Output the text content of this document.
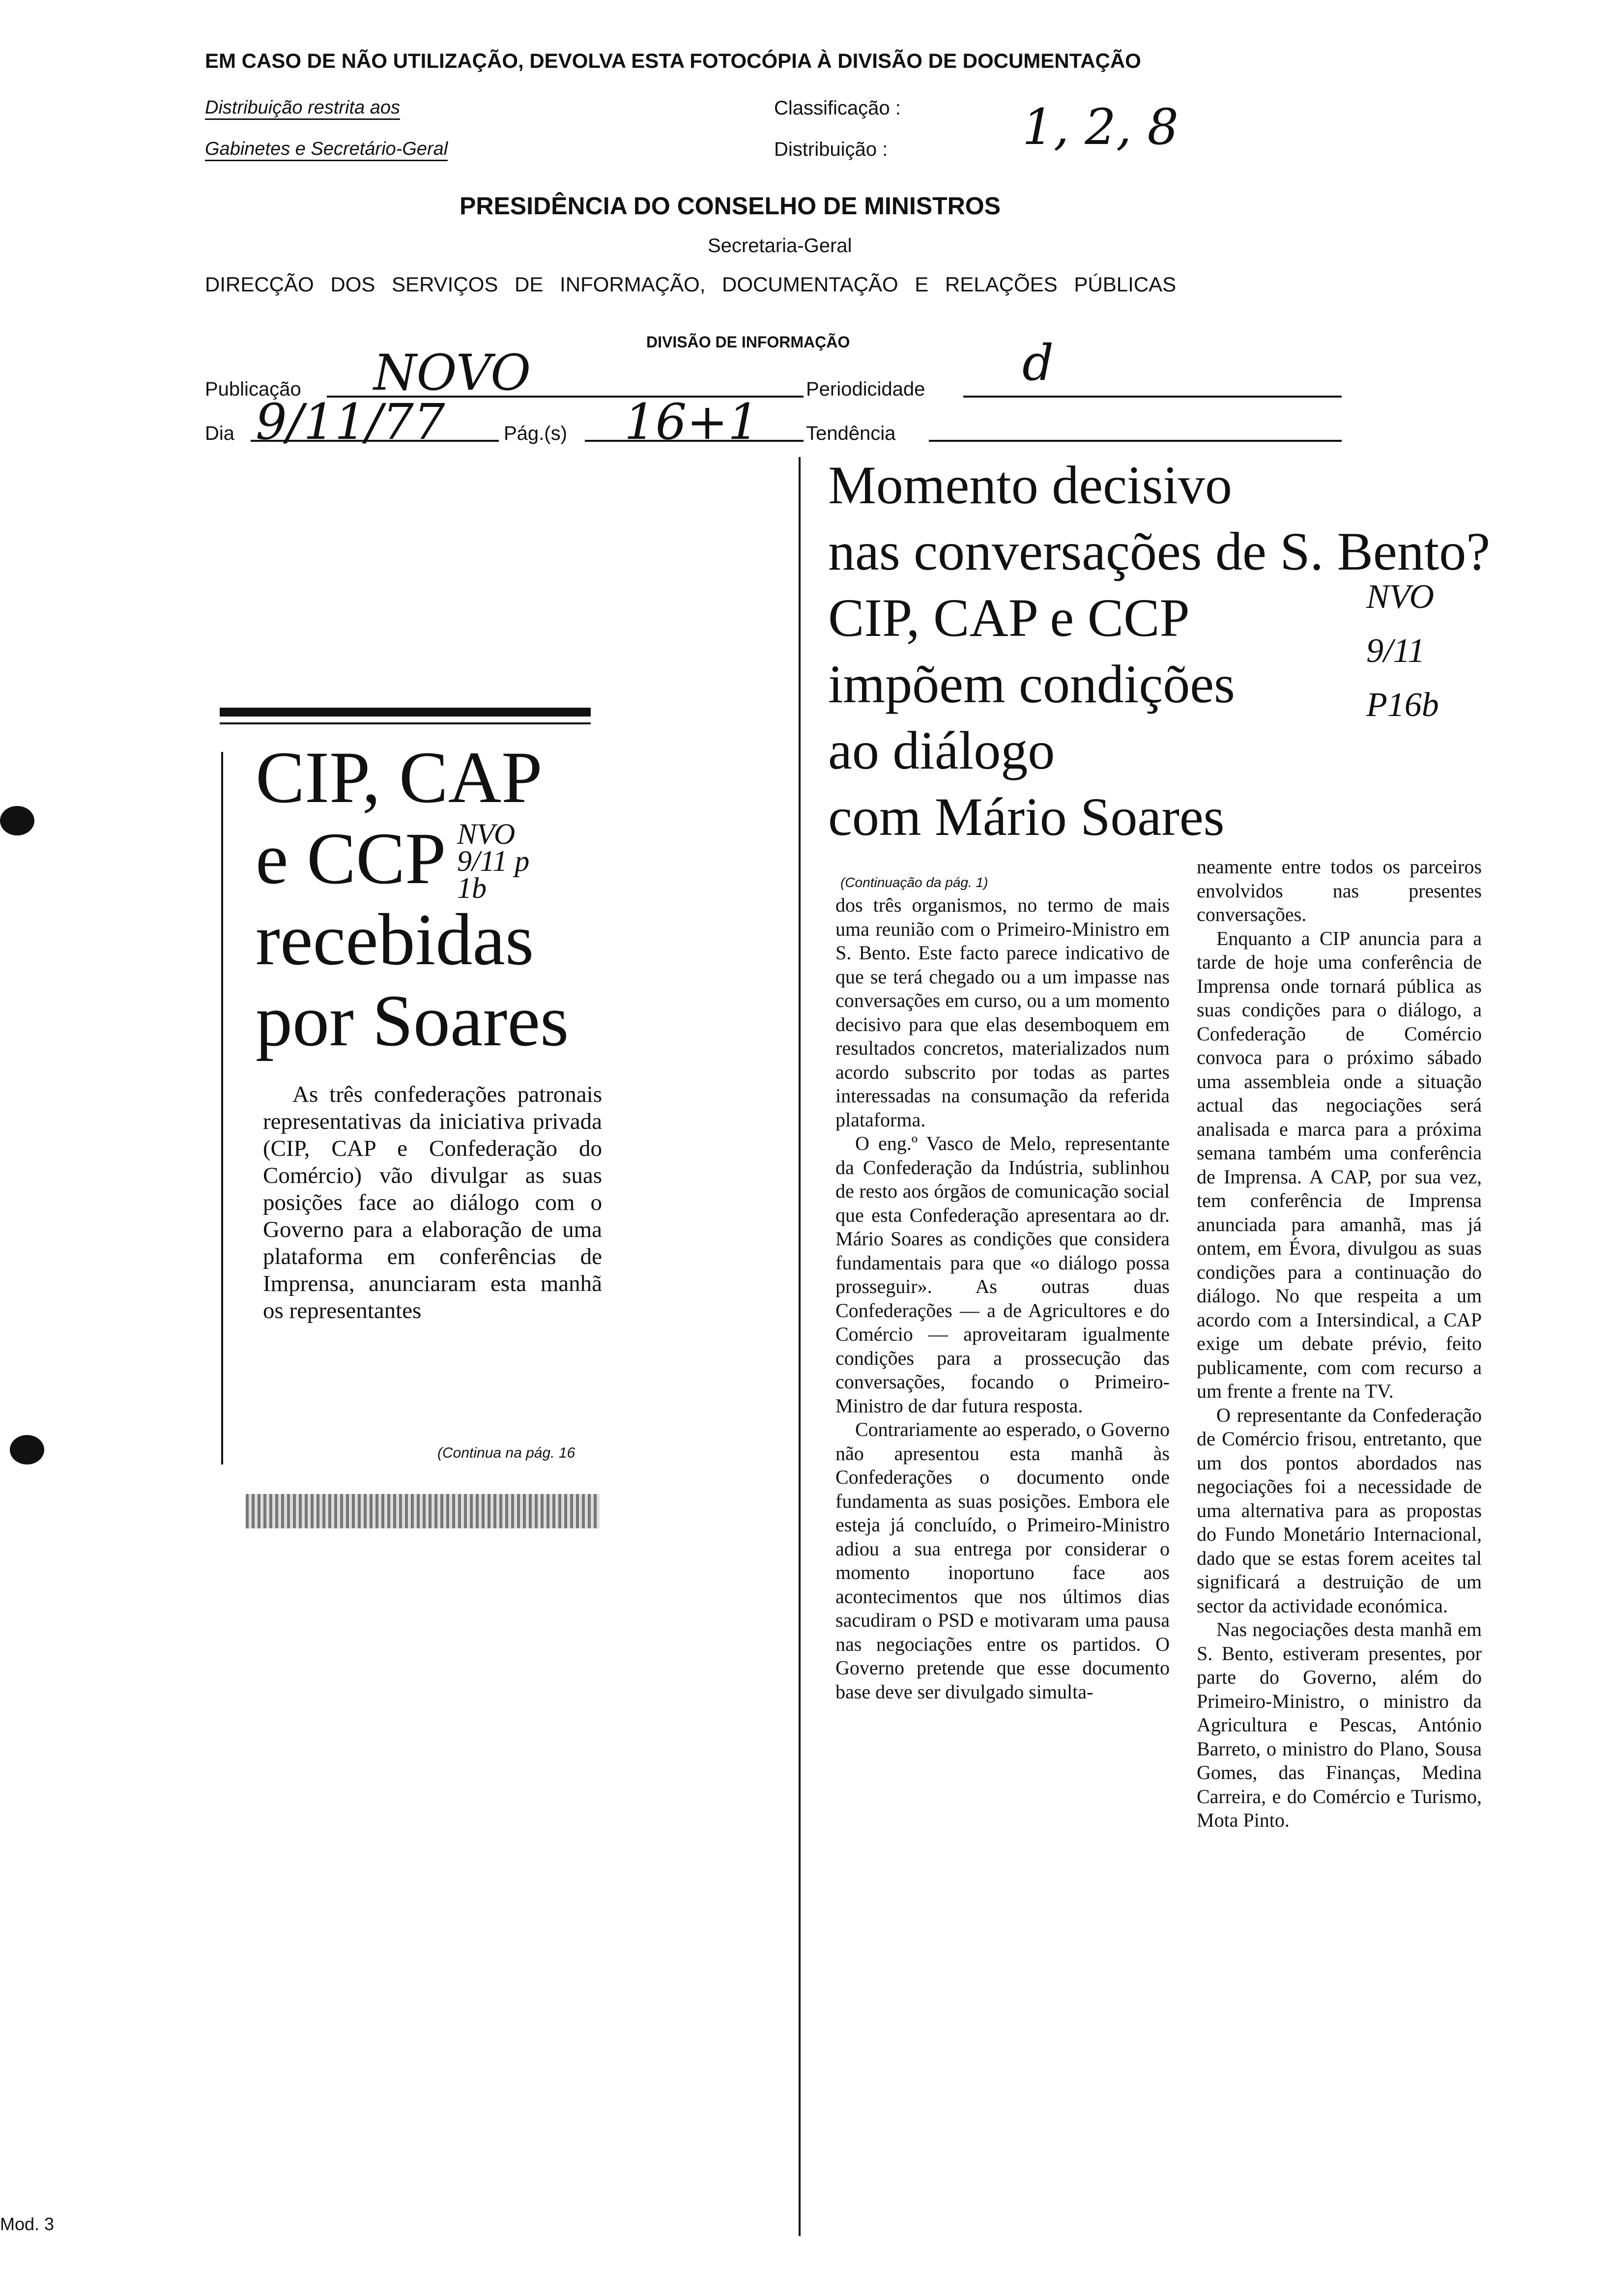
EM CASO DE NÃO UTILIZAÇÃO, DEVOLVA ESTA FOTOCÓPIA À DIVISÃO DE DOCUMENTAÇÃO
Distribuição restrita aos
Gabinetes e Secretário-Geral
Classificação :
Distribuição :	1, 2, 8
PRESIDÊNCIA DO CONSELHO DE MINISTROS
Secretaria-Geral
DIRECÇÃO DOS SERVIÇOS DE INFORMAÇÃO, DOCUMENTAÇÃO E RELAÇÕES PÚBLICAS
DIVISÃO DE INFORMAÇÃO
Publicação NOVO	Periodicidade d
Dia 9/11/77	Pág.(s) 16+1 Tendência
CIP, CAP
e CCP
recebidas
por Soares
NVO 9/11 p 1b
As três confederações patronais representativas da iniciativa privada (CIP, CAP e Confederação do Comércio) vão divulgar as suas posições face ao diálogo com o Governo para a elaboração de uma plataforma em conferências de Imprensa, anunciaram esta manhã os representantes
(Continua na pág. 16
Momento decisivo
nas conversações de S. Bento?
CIP, CAP e CCP
impõem condições
ao diálogo
com Mário Soares
NVO
9/11
P16b
(Continuação da pág. 1)

dos três organismos, no termo de mais uma reunião com o Primeiro-Ministro em S. Bento. Este facto parece indicativo de que se terá chegado ou a um impasse nas conversações em curso, ou a um momento decisivo para que elas desemboquem em resultados concretos, materializados num acordo subscrito por todas as partes interessadas na consumação da referida plataforma.

O eng.º Vasco de Melo, representante da Confederação da Indústria, sublinhou de resto aos órgãos de comunicação social que esta Confederação apresentara ao dr. Mário Soares as condições que considera fundamentais para que «o diálogo possa prosseguir». As outras duas Confederações — a de Agricultores e do Comércio — aproveitaram igualmente condições para a prossecução das conversações, focando o Primeiro-Ministro de dar futura resposta.

Contrariamente ao esperado, o Governo não apresentou esta manhã às Confederações o documento onde fundamenta as suas posições. Embora ele esteja já concluído, o Primeiro-Ministro adiou a sua entrega por considerar o momento inoportuno face aos acontecimentos que nos últimos dias sacudiram o PSD e motivaram uma pausa nas negociações entre os partidos. O Governo pretende que esse documento base deve ser divulgado simulta-

neamente entre todos os parceiros envolvidos nas presentes conversações.

Enquanto a CIP anuncia para a tarde de hoje uma conferência de Imprensa onde tornará pública as suas condições para o diálogo, a Confederação de Comércio convoca para o próximo sábado uma assembleia onde a situação actual das negociações será analisada e marca para a próxima semana também uma conferência de Imprensa. A CAP, por sua vez, tem conferência de Imprensa anunciada para amanhã, mas já ontem, em Évora, divulgou as suas condições para a continuação do diálogo. No que respeita a um acordo com a Intersindical, a CAP exige um debate prévio, feito publicamente, com com recurso a um frente a frente na TV.

O representante da Confederação de Comércio frisou, entretanto, que um dos pontos abordados nas negociações foi a necessidade de uma alternativa para as propostas do Fundo Monetário Internacional, dado que se estas forem aceites tal significará a destruição de um sector da actividade económica.

Nas negociações desta manhã em S. Bento, estiveram presentes, por parte do Governo, além do Primeiro-Ministro, o ministro da Agricultura e Pescas, António Barreto, o ministro do Plano, Sousa Gomes, das Finanças, Medina Carreira, e do Comércio e Turismo, Mota Pinto.

Mod. 3
